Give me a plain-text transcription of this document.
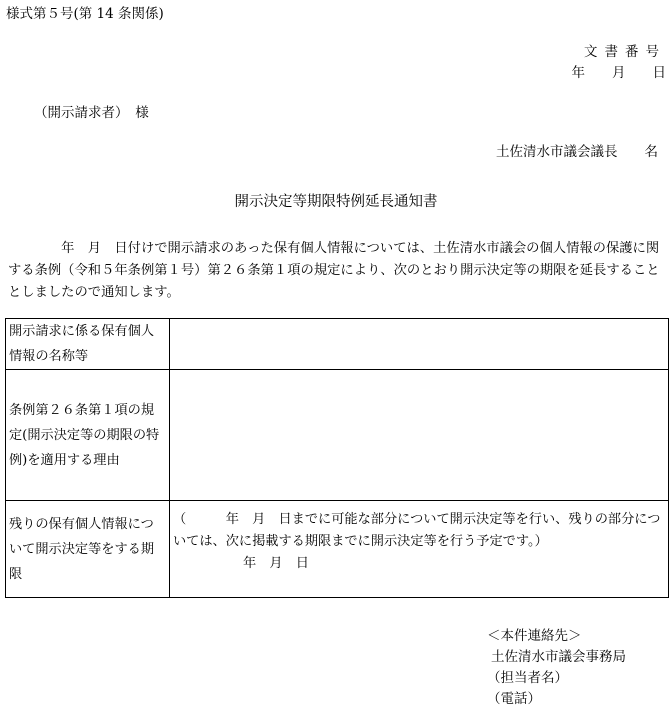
様式第５号(第 14 条関係)
文書番号
年　　月　　日
（開示請求者）　様
土佐清水市議会議長　　名
開示決定等期限特例延長通知書
　　　　年　月　日付けで開示請求のあった保有個人情報については、土佐清水市議会の個人情報の保護に関する条例（令和５年条例第１号）第２６条第１項の規定により、次のとおり開示決定等の期限を延長することとしましたので通知します。
開示請求に係る保有個人情報の名称等	
条例第２６条第１項の規定(開示決定等の期限の特例)を適用する理由	
残りの保有個人情報について開示決定等をする期限	（　　　年　月　日までに可能な部分について開示決定等を行い、残りの部分については、次に掲載する期限までに開示決定等を行う予定です。）
年　月　日
＜本件連絡先＞
土佐清水市議会事務局
（担当者名）
（電話）
